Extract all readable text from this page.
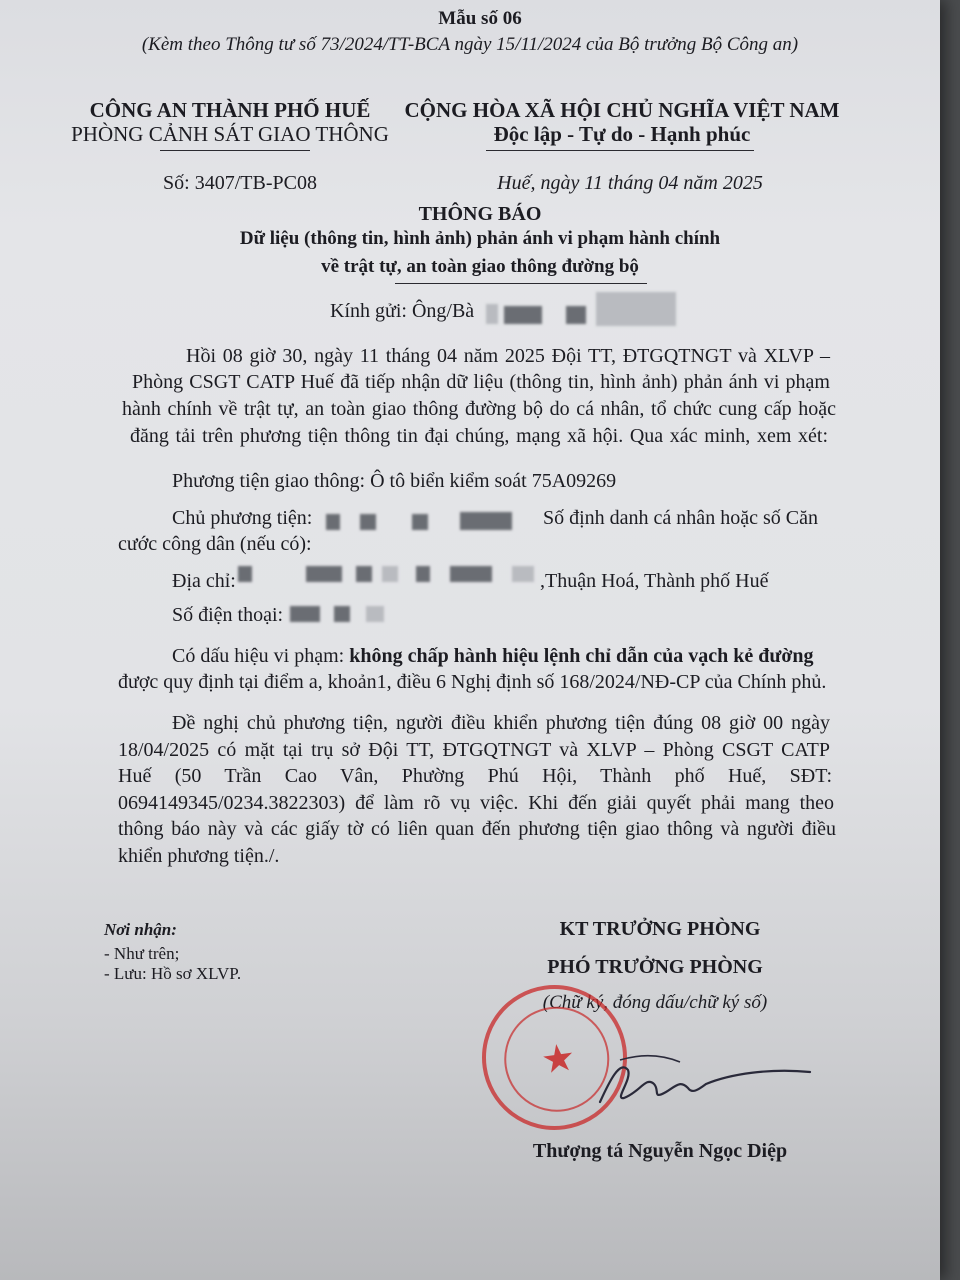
Mẫu số 06
(Kèm theo Thông tư số 73/2024/TT-BCA ngày 15/11/2024 của Bộ trưởng Bộ Công an)
CÔNG AN THÀNH PHỐ HUẾ
PHÒNG CẢNH SÁT GIAO THÔNG
Số: 3407/TB-PC08
CỘNG HÒA XÃ HỘI CHỦ NGHĨA VIỆT NAM
Độc lập - Tự do - Hạnh phúc
Huế, ngày 11 tháng 04 năm 2025
THÔNG BÁO
Dữ liệu (thông tin, hình ảnh) phản ánh vi phạm hành chính
về trật tự, an toàn giao thông đường bộ
Kính gửi: Ông/Bà
Hồi 08 giờ 30, ngày 11 tháng 04 năm 2025 Đội TT, ĐTGQTNGT và XLVP –
Phòng CSGT CATP Huế đã tiếp nhận dữ liệu (thông tin, hình ảnh) phản ánh vi phạm
hành chính về trật tự, an toàn giao thông đường bộ do cá nhân, tổ chức cung cấp hoặc
đăng tải trên phương tiện thông tin đại chúng, mạng xã hội. Qua xác minh, xem xét:
Phương tiện giao thông: Ô tô biển kiểm soát 75A09269
Chủ phương tiện:	Số định danh cá nhân hoặc số Căn
cước công dân (nếu có):
Địa chỉ:	,Thuận Hoá, Thành phố Huế
Số điện thoại:
Có dấu hiệu vi phạm: không chấp hành hiệu lệnh chỉ dẫn của vạch kẻ đường
được quy định tại điểm a, khoản1, điều 6 Nghị định số 168/2024/NĐ-CP của Chính phủ.
Đề nghị chủ phương tiện, người điều khiển phương tiện đúng 08 giờ 00 ngày
18/04/2025 có mặt tại trụ sở Đội TT, ĐTGQTNGT và XLVP – Phòng CSGT CATP
Huế (50 Trần Cao Vân, Phường Phú Hội, Thành phố Huế, SĐT:
0694149345/0234.3822303) để làm rõ vụ việc. Khi đến giải quyết phải mang theo
thông báo này và các giấy tờ có liên quan đến phương tiện giao thông và người điều
khiển phương tiện./.
Nơi nhận:
- Như trên;
- Lưu: Hồ sơ XLVP.
KT TRƯỞNG PHÒNG
PHÓ TRƯỞNG PHÒNG
(Chữ ký, đóng dấu/chữ ký số)
★
Thượng tá Nguyễn Ngọc Diệp
